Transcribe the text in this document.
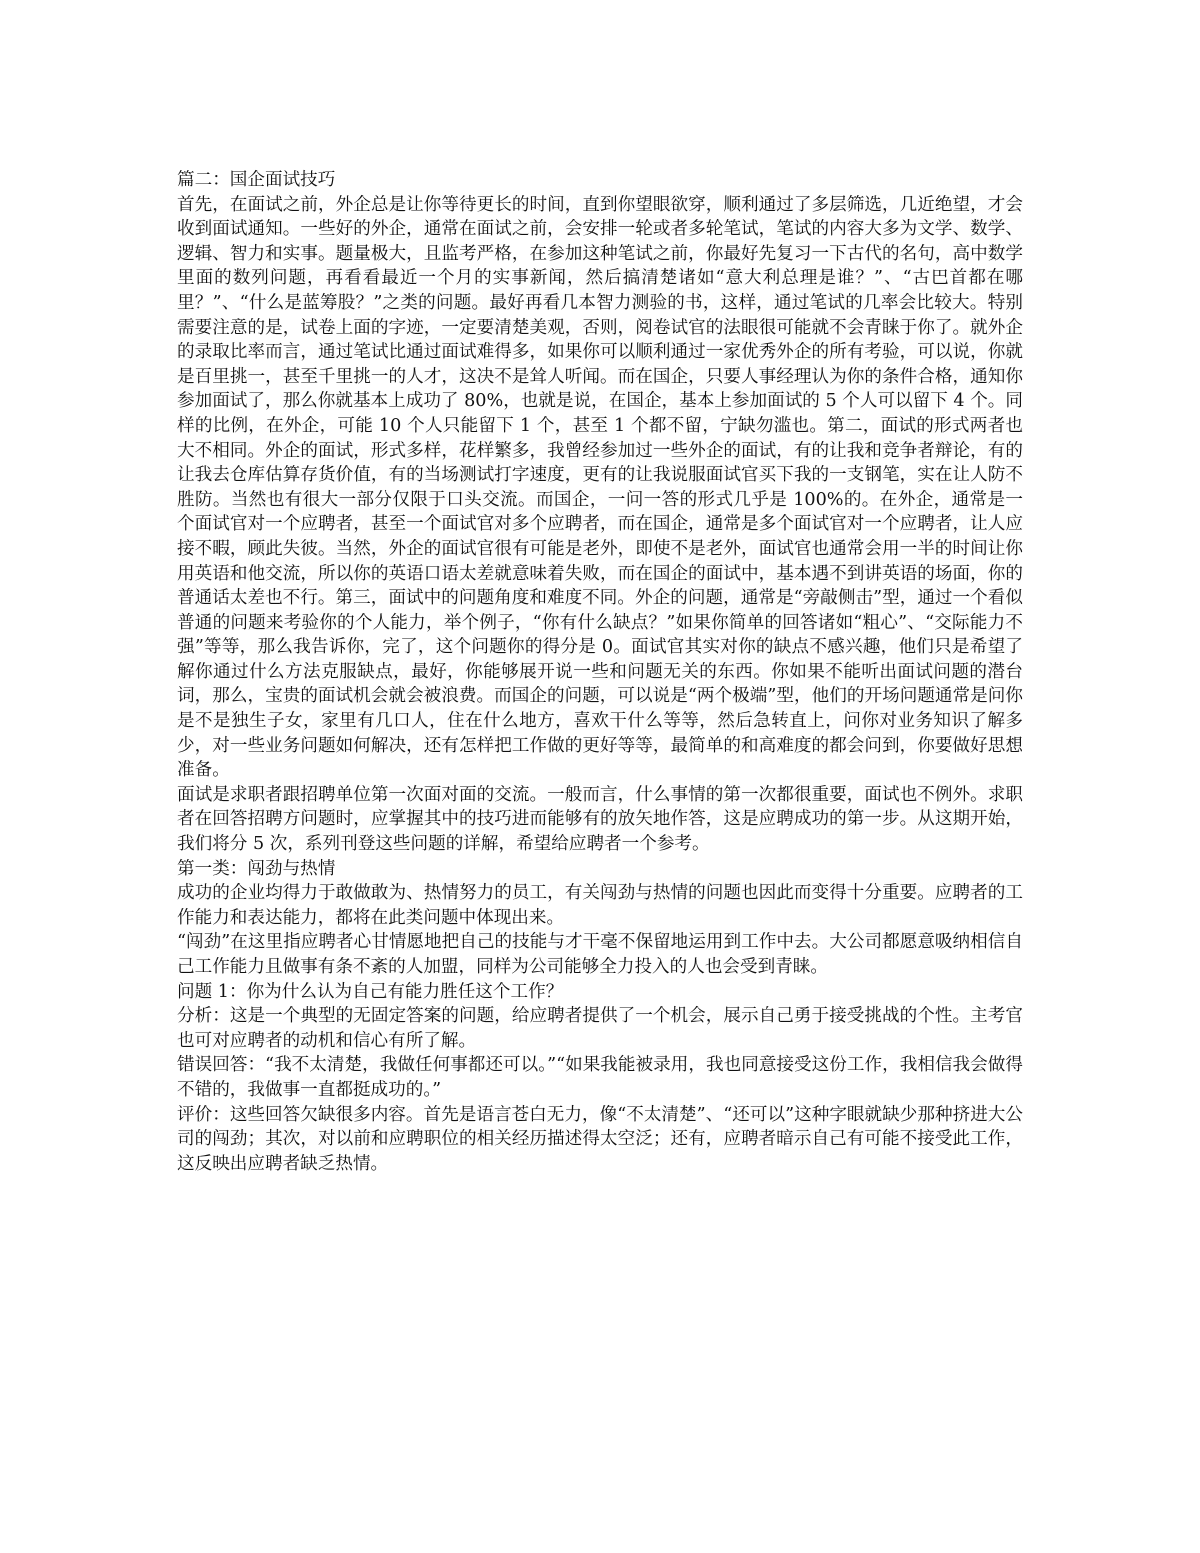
篇二：国企面试技巧

首先，在面试之前，外企总是让你等待更长的时间，直到你望眼欲穿，顺利通过了多层筛选，几近绝望，才会收到面试通知。一些好的外企，通常在面试之前，会安排一轮或者多轮笔试，笔试的内容大多为文学、数学、逻辑、智力和实事。题量极大，且监考严格，在参加这种笔试之前，你最好先复习一下古代的名句，高中数学里面的数列问题，再看看最近一个月的实事新闻，然后搞清楚诸如“意大利总理是谁？”、“古巴首都在哪里？”、“什么是蓝筹股？”之类的问题。最好再看几本智力测验的书，这样，通过笔试的几率会比较大。特别需要注意的是，试卷上面的字迹，一定要清楚美观，否则，阅卷试官的法眼很可能就不会青睐于你了。就外企的录取比率而言，通过笔试比通过面试难得多，如果你可以顺利通过一家优秀外企的所有考验，可以说，你就是百里挑一，甚至千里挑一的人才，这决不是耸人听闻。而在国企，只要人事经理认为你的条件合格，通知你参加面试了，那么你就基本上成功了 80%，也就是说，在国企，基本上参加面试的 5 个人可以留下 4 个。同样的比例，在外企，可能 10 个人只能留下 1 个，甚至 1 个都不留，宁缺勿滥也。第二，面试的形式两者也大不相同。外企的面试，形式多样，花样繁多，我曾经参加过一些外企的面试，有的让我和竞争者辩论，有的让我去仓库估算存货价值，有的当场测试打字速度，更有的让我说服面试官买下我的一支钢笔，实在让人防不胜防。当然也有很大一部分仅限于口头交流。而国企，一问一答的形式几乎是 100%的。在外企，通常是一个面试官对一个应聘者，甚至一个面试官对多个应聘者，而在国企，通常是多个面试官对一个应聘者，让人应接不暇，顾此失彼。当然，外企的面试官很有可能是老外，即使不是老外，面试官也通常会用一半的时间让你用英语和他交流，所以你的英语口语太差就意味着失败，而在国企的面试中，基本遇不到讲英语的场面，你的普通话太差也不行。第三，面试中的问题角度和难度不同。外企的问题，通常是“旁敲侧击”型，通过一个看似普通的问题来考验你的个人能力，举个例子，“你有什么缺点？”如果你简单的回答诸如“粗心”、“交际能力不强”等等，那么我告诉你，完了，这个问题你的得分是 0。面试官其实对你的缺点不感兴趣，他们只是希望了解你通过什么方法克服缺点，最好，你能够展开说一些和问题无关的东西。你如果不能听出面试问题的潜台词，那么，宝贵的面试机会就会被浪费。而国企的问题，可以说是“两个极端”型，他们的开场问题通常是问你是不是独生子女，家里有几口人，住在什么地方，喜欢干什么等等，然后急转直上，问你对业务知识了解多少，对一些业务问题如何解决，还有怎样把工作做的更好等等，最简单的和高难度的都会问到，你要做好思想准备。

面试是求职者跟招聘单位第一次面对面的交流。一般而言，什么事情的第一次都很重要，面试也不例外。求职者在回答招聘方问题时，应掌握其中的技巧进而能够有的放矢地作答，这是应聘成功的第一步。从这期开始，我们将分 5 次，系列刊登这些问题的详解，希望给应聘者一个参考。

第一类：闯劲与热情

成功的企业均得力于敢做敢为、热情努力的员工，有关闯劲与热情的问题也因此而变得十分重要。应聘者的工作能力和表达能力，都将在此类问题中体现出来。

“闯劲”在这里指应聘者心甘情愿地把自己的技能与才干毫不保留地运用到工作中去。大公司都愿意吸纳相信自己工作能力且做事有条不紊的人加盟，同样为公司能够全力投入的人也会受到青睐。

问题 1：你为什么认为自己有能力胜任这个工作？

分析：这是一个典型的无固定答案的问题，给应聘者提供了一个机会，展示自己勇于接受挑战的个性。主考官也可对应聘者的动机和信心有所了解。

错误回答：“我不太清楚，我做任何事都还可以。”“如果我能被录用，我也同意接受这份工作，我相信我会做得不错的，我做事一直都挺成功的。”

评价：这些回答欠缺很多内容。首先是语言苍白无力，像“不太清楚”、“还可以”这种字眼就缺少那种挤进大公司的闯劲；其次，对以前和应聘职位的相关经历描述得太空泛；还有，应聘者暗示自己有可能不接受此工作，这反映出应聘者缺乏热情。
